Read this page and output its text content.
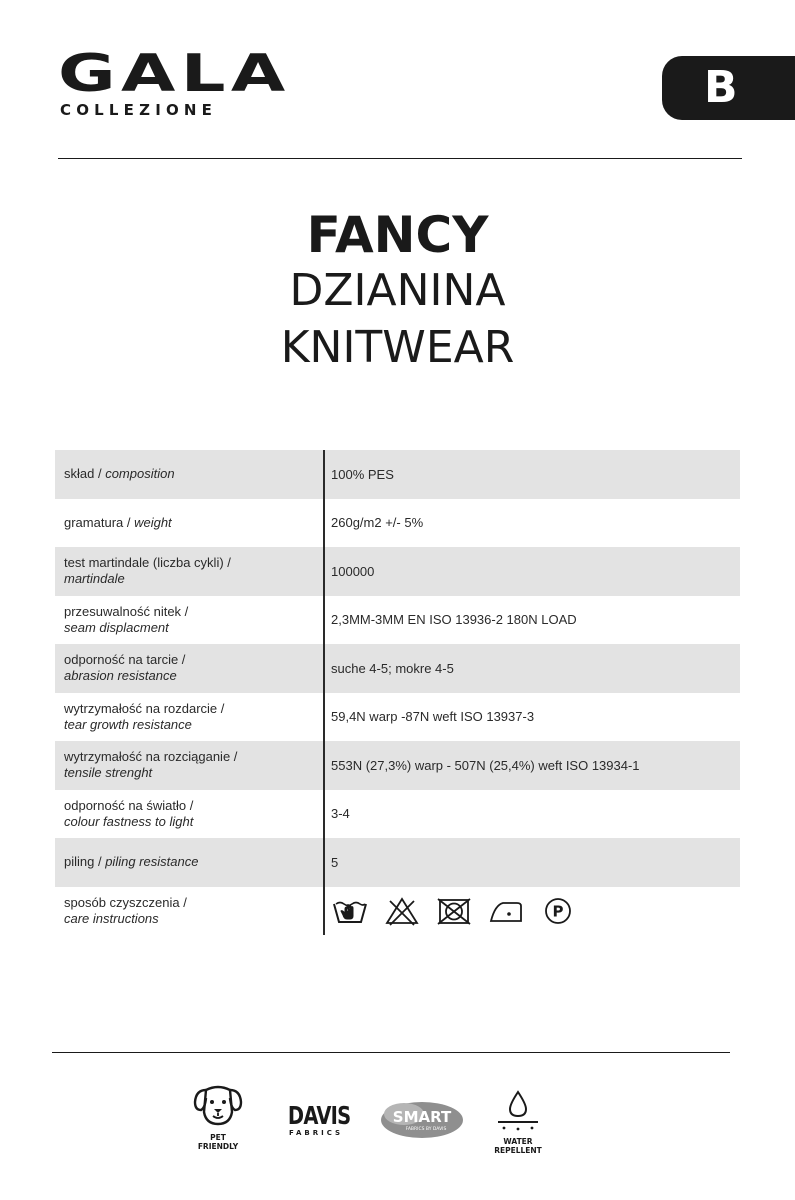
GALA
COLLEZIONE	B
FANCY
DZIANINA
KNITWEAR
skład / composition	100% PES
gramatura / weight	260g/m2 +/- 5%
test martindale (liczba cykli) /
martindale	100000
przesuwalność nitek /
seam displacment	2,3MM-3MM EN ISO 13936-2 180N LOAD
odporność na tarcie /
abrasion resistance	suche 4-5; mokre 4-5
wytrzymałość na rozdarcie /
tear growth resistance	59,4N warp -87N weft ISO 13937-3
wytrzymałość na rozciąganie /
tensile strenght	553N (27,3%) warp - 507N (25,4%) weft ISO 13934-1
odporność na światło /
colour fastness to light	3-4
piling / piling resistance	5
sposób czyszczenia /
care instructions	P
PET
FRIENDLY
DAVIS
FABRICS
SMART
FABRICS BY DAVIS
WATER
REPELLENT
